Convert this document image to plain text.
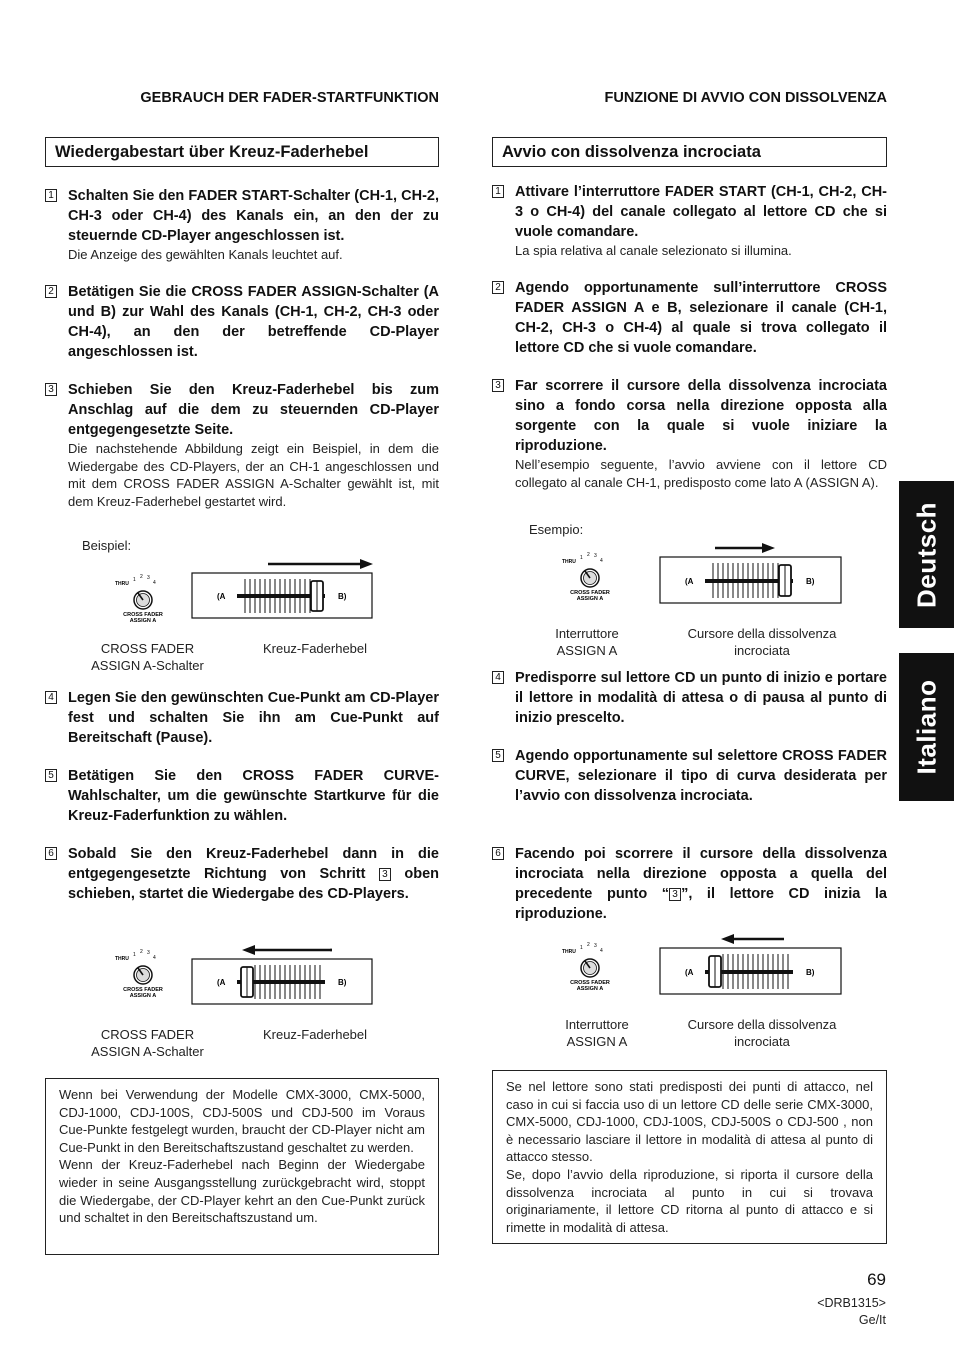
GEBRAUCH DER FADER-STARTFUNKTION
Wiedergabestart über Kreuz-Faderhebel
1 Schalten Sie den FADER START-Schalter (CH-1, CH-2, CH-3 oder CH-4) des Kanals ein, an den der zu steuernde CD-Player angeschlossen ist.
Die Anzeige des gewählten Kanals leuchtet auf.
2 Betätigen Sie die CROSS FADER ASSIGN-Schalter (A und B) zur Wahl des Kanals (CH-1, CH-2, CH-3 oder CH-4), an den der betreffende CD-Player angeschlossen ist.
3 Schieben Sie den Kreuz-Faderhebel bis zum Anschlag auf die dem zu steuernden CD-Player entgegengesetzte Seite.
Die nachstehende Abbildung zeigt ein Beispiel, in dem die Wiedergabe des CD-Players, der an CH-1 angeschlossen und mit dem CROSS FADER ASSIGN A-Schalter gewählt ist, mit dem Kreuz-Faderhebel gestartet wird.
Beispiel:
THRU
1 2 3
4
CROSS FADER
ASSIGN A
(A	B)
CROSS FADER
ASSIGN A-Schalter
Kreuz-Faderhebel
4 Legen Sie den gewünschten Cue-Punkt am CD-Player fest und schalten Sie ihn am Cue-Punkt auf Bereitschaft (Pause).
5 Betätigen Sie den CROSS FADER CURVE-Wahlschalter, um die gewünschte Startkurve für die Kreuz-Faderfunktion zu wählen.
6 Sobald Sie den Kreuz-Faderhebel dann in die entgegengesetzte Richtung von Schritt 3 oben schieben, startet die Wiedergabe des CD-Players.
THRU
1 2 3
4
CROSS FADER
ASSIGN A
(A	B)
CROSS FADER
ASSIGN A-Schalter
Kreuz-Faderhebel
Wenn bei Verwendung der Modelle CMX-3000, CMX-5000, CDJ-1000, CDJ-100S, CDJ-500S und CDJ-500 im Voraus Cue-Punkte festgelegt wurden, braucht der CD-Player nicht am Cue-Punkt in den Bereitschaftszustand geschaltet zu werden.
Wenn der Kreuz-Faderhebel nach Beginn der Wiedergabe wieder in seine Ausgangsstellung zurückgebracht wird, stoppt die Wiedergabe, der CD-Player kehrt an den Cue-Punkt zurück und schaltet in den Bereitschaftszustand um.
FUNZIONE DI AVVIO CON DISSOLVENZA
Avvio con dissolvenza incrociata
1 Attivare l’interruttore FADER START (CH-1, CH-2, CH-3 o CH-4) del canale collegato al lettore CD che si vuole comandare.
La spia relativa al canale selezionato si illumina.
2 Agendo opportunamente sull’interruttore CROSS FADER ASSIGN A e B, selezionare il canale (CH-1, CH-2, CH-3 o CH-4) al quale si trova collegato il lettore CD che si vuole comandare.
3 Far scorrere il cursore della dissolvenza incrociata sino a fondo corsa nella direzione opposta alla sorgente con la quale si vuole iniziare la riproduzione.
Nell’esempio seguente, l’avvio avviene con il lettore CD collegato al canale CH-1, predisposto come lato A (ASSIGN A).
Esempio:
THRU
1 2 3
4
CROSS FADER
ASSIGN A
(A	B)
Interruttore
ASSIGN A
Cursore della dissolvenza
incrociata
4 Predisporre sul lettore CD un punto di inizio e portare il lettore in modalità di attesa o di pausa al punto di inizio prescelto.
5 Agendo opportunamente sul selettore CROSS FADER CURVE, selezionare il tipo di curva desiderata per l’avvio con dissolvenza incrociata.
6 Facendo poi scorrere il cursore della dissolvenza incrociata nella direzione opposta a quella del precedente punto “ 3 ”, il lettore CD inizia la riproduzione.
THRU
1 2 3
4
CROSS FADER
ASSIGN A
(A	B)
Interruttore
ASSIGN A
Cursore della dissolvenza
incrociata
Se nel lettore sono stati predisposti dei punti di attacco, nel caso in cui si faccia uso di un lettore CD delle serie CMX-3000, CMX-5000, CDJ-1000, CDJ-100S, CDJ-500S o CDJ-500 , non è necessario lasciare il lettore in modalità di attesa al punto di attacco stesso.
Se, dopo l’avvio della riproduzione, si riporta il cursore della dissolvenza incrociata al punto in cui si trovava originariamente, il lettore CD ritorna al punto di attacco e si rimette in modalità di attesa.
Deutsch
Italiano
69
<DRB1315>
Ge/It
